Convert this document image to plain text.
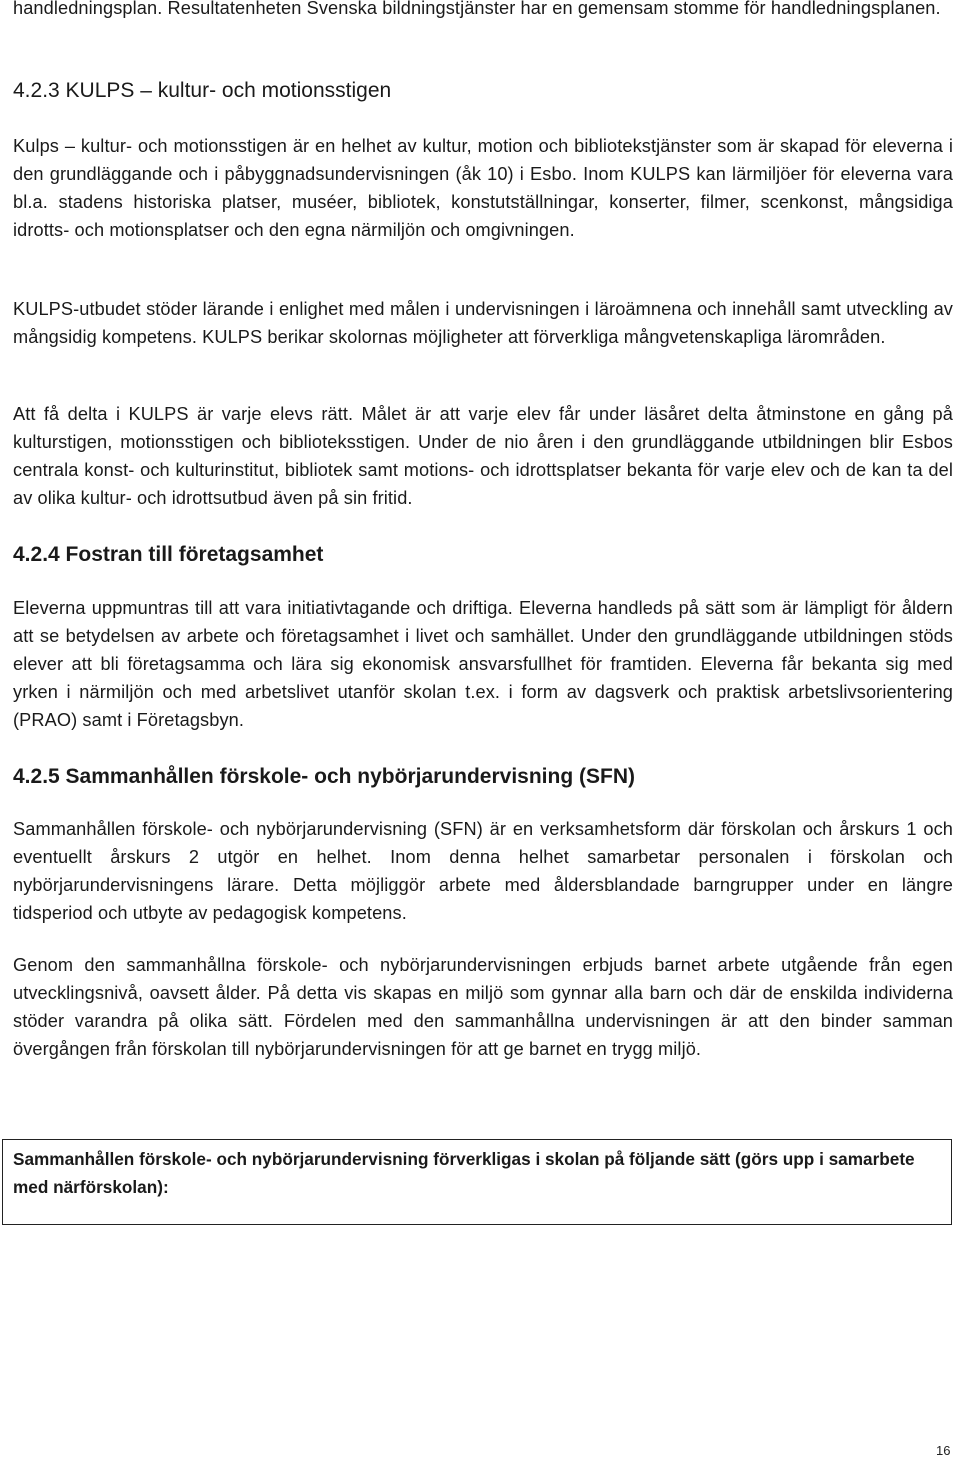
handledningsplan. Resultatenheten Svenska bildningstjänster har en gemensam stomme för handledningsplanen.

4.2.3 KULPS – kultur- och motionsstigen

Kulps – kultur- och motionsstigen är en helhet av kultur, motion och bibliotekstjänster som är skapad för eleverna i den grundläggande och i påbyggnadsundervisningen (åk 10) i Esbo. Inom KULPS kan lärmiljöer för eleverna vara bl.a. stadens historiska platser, muséer, bibliotek, konstutställningar, konserter, filmer, scenkonst, mångsidiga idrotts- och motionsplatser och den egna närmiljön och omgivningen.

KULPS-utbudet stöder lärande i enlighet med målen i undervisningen i läroämnena och innehåll samt utveckling av mångsidig kompetens. KULPS berikar skolornas möjligheter att förverkliga mångvetenskapliga lärområden.

Att få delta i KULPS är varje elevs rätt. Målet är att varje elev får under läsåret delta åtminstone en gång på kulturstigen, motionsstigen och biblioteksstigen. Under de nio åren i den grundläggande utbildningen blir Esbos centrala konst- och kulturinstitut, bibliotek samt motions- och idrottsplatser bekanta för varje elev och de kan ta del av olika kultur- och idrottsutbud även på sin fritid.

4.2.4 Fostran till företagsamhet

Eleverna uppmuntras till att vara initiativtagande och driftiga. Eleverna handleds på sätt som är lämpligt för åldern att se betydelsen av arbete och företagsamhet i livet och samhället. Under den grundläggande utbildningen stöds elever att bli företagsamma och lära sig ekonomisk ansvarsfullhet för framtiden. Eleverna får bekanta sig med yrken i närmiljön och med arbetslivet utanför skolan t.ex. i form av dagsverk och praktisk arbetslivsorientering (PRAO) samt i Företagsbyn.

4.2.5 Sammanhållen förskole- och nybörjarundervisning (SFN)

Sammanhållen förskole- och nybörjarundervisning (SFN) är en verksamhetsform där förskolan och årskurs 1 och eventuellt årskurs 2 utgör en helhet. Inom denna helhet samarbetar personalen i förskolan och nybörjarundervisningens lärare. Detta möjliggör arbete med åldersblandade barngrupper under en längre tidsperiod och utbyte av pedagogisk kompetens.

Genom den sammanhållna förskole- och nybörjarundervisningen erbjuds barnet arbete utgående från egen utvecklingsnivå, oavsett ålder. På detta vis skapas en miljö som gynnar alla barn och där de enskilda individerna stöder varandra på olika sätt. Fördelen med den sammanhållna undervisningen är att den binder samman övergången från förskolan till nybörjarundervisningen för att ge barnet en trygg miljö.

Sammanhållen förskole- och nybörjarundervisning förverkligas i skolan på följande sätt (görs upp i samarbete med närförskolan):

16
